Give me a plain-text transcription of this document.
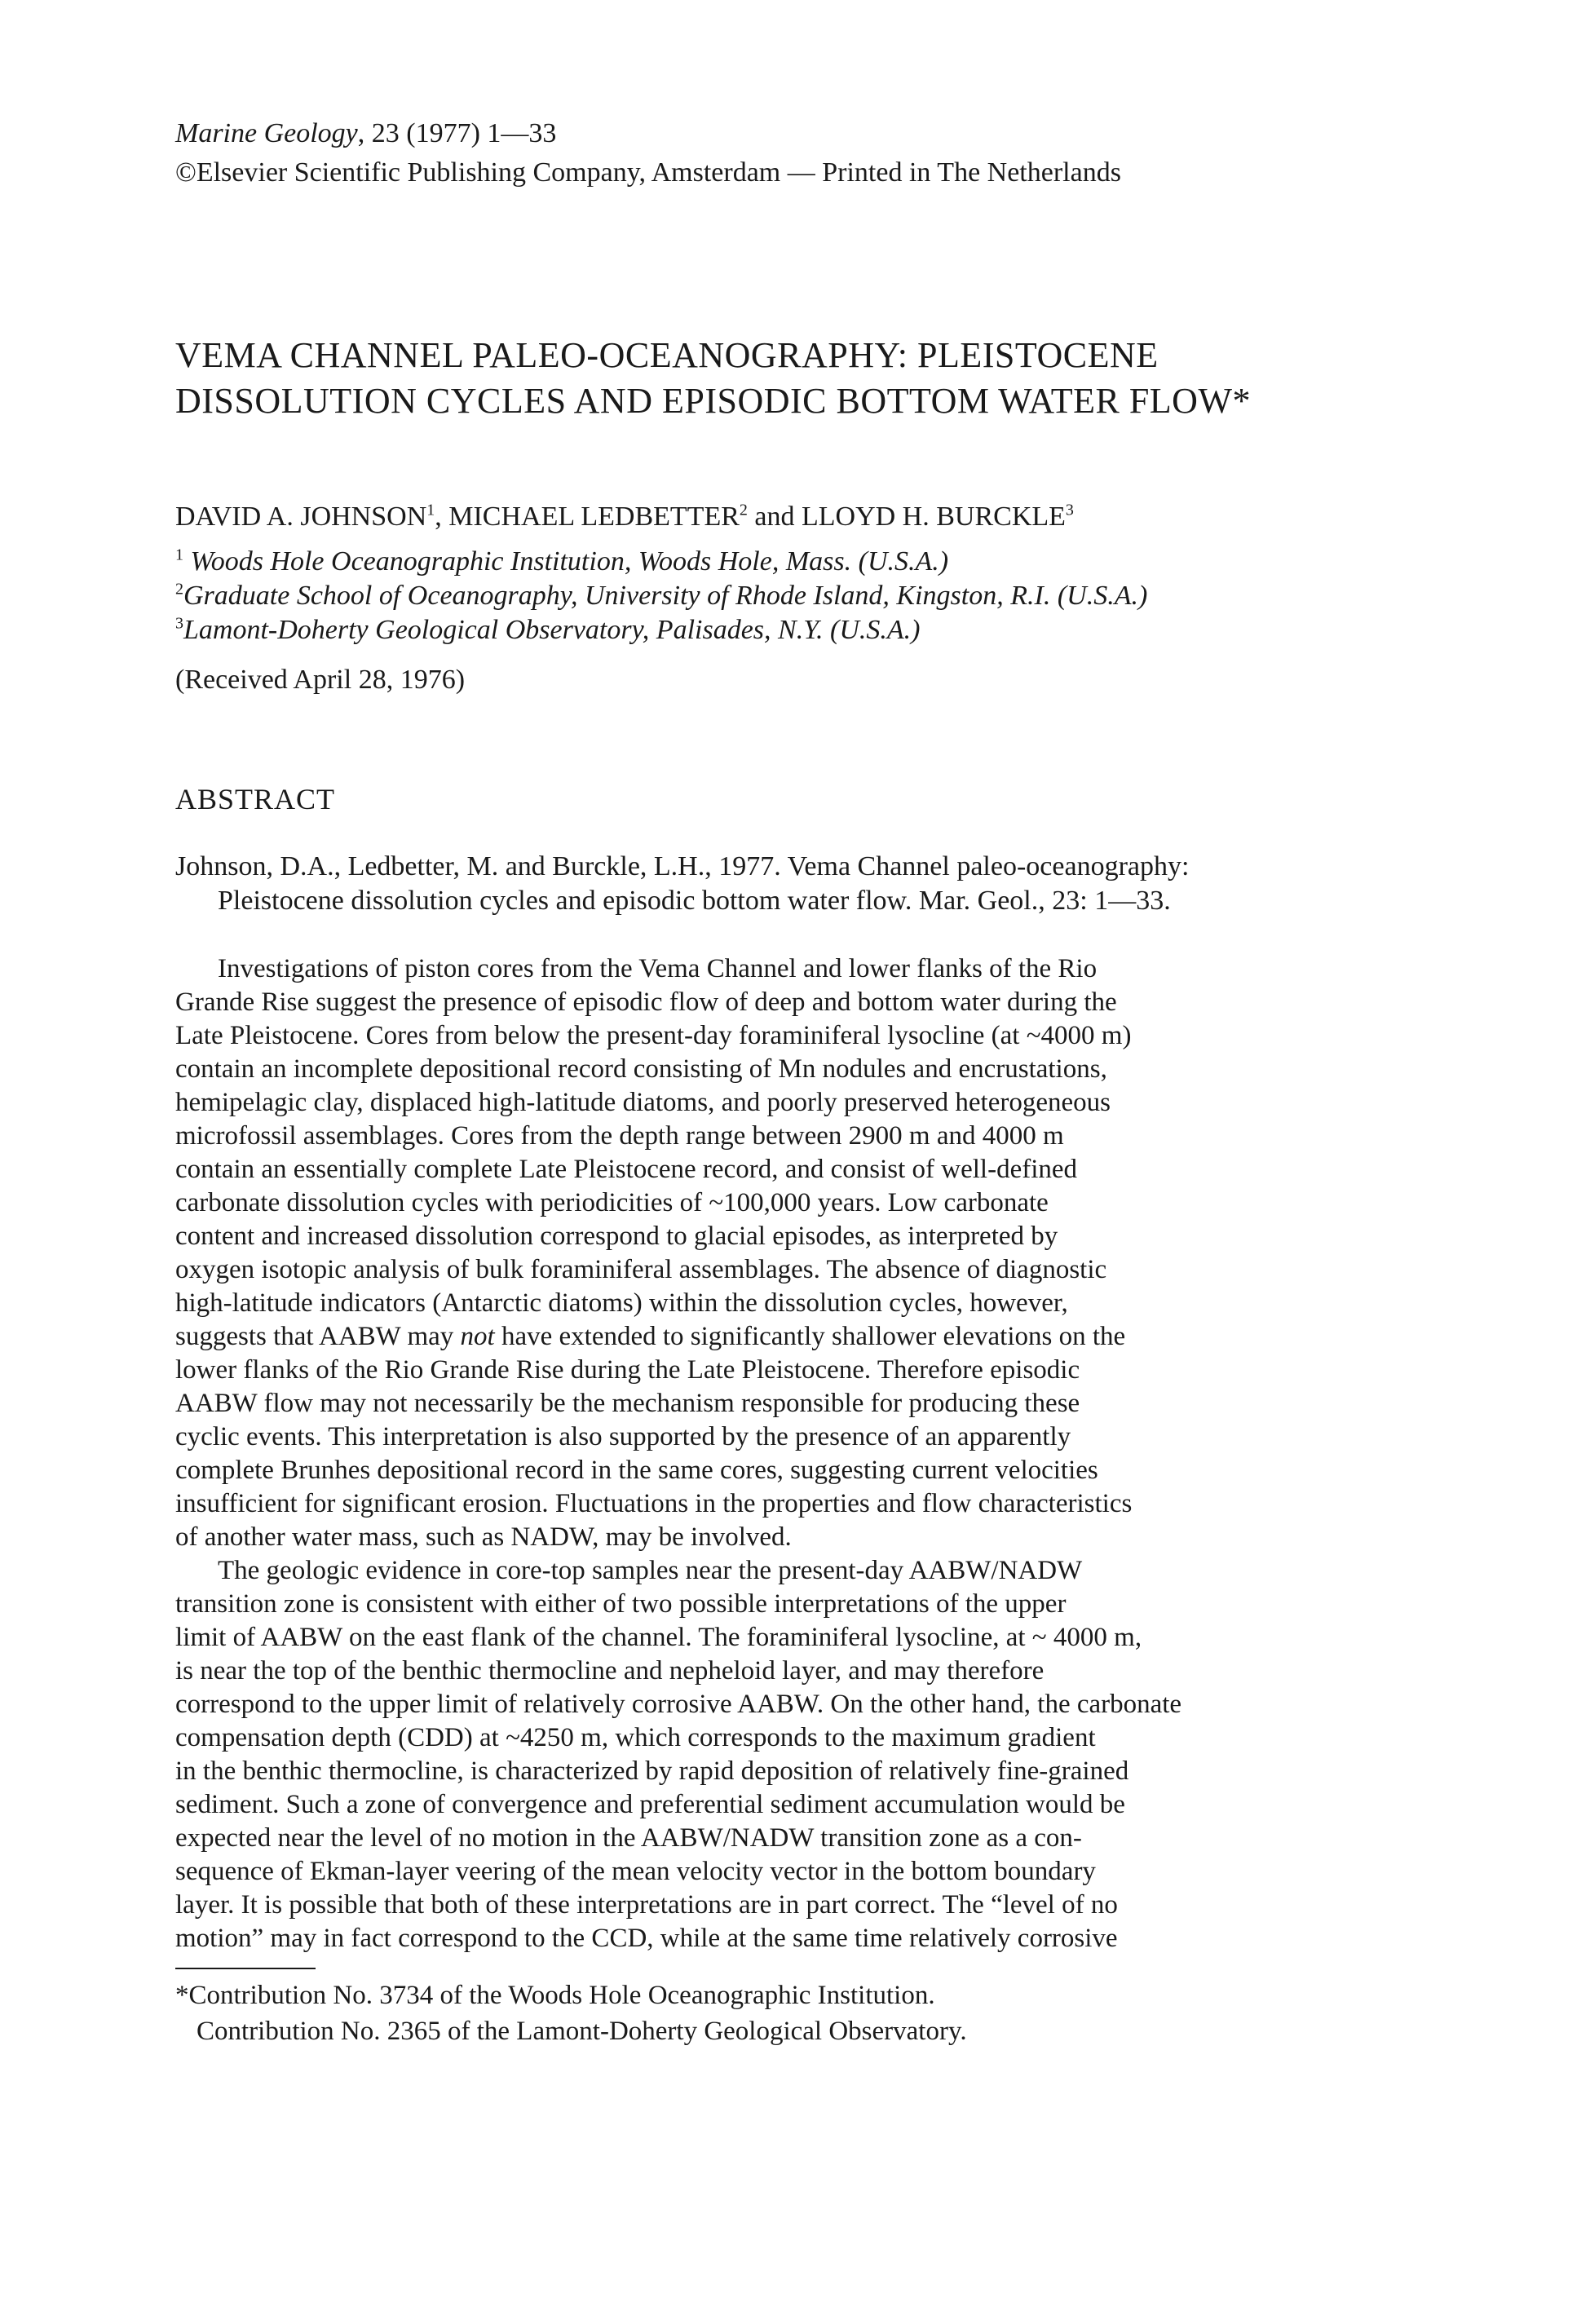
Marine Geology, 23 (1977) 1—33
©Elsevier Scientific Publishing Company, Amsterdam — Printed in The Netherlands
VEMA CHANNEL PALEO-OCEANOGRAPHY: PLEISTOCENE
DISSOLUTION CYCLES AND EPISODIC BOTTOM WATER FLOW*
DAVID A. JOHNSON$^1$, MICHAEL LEDBETTER$^2$ and LLOYD H. BURCKLE$^3$
$^1$ Woods Hole Oceanographic Institution, Woods Hole, Mass. (U.S.A.)
$^2$Graduate School of Oceanography, University of Rhode Island, Kingston, R.I. (U.S.A.)
$^3$Lamont-Doherty Geological Observatory, Palisades, N.Y. (U.S.A.)
(Received April 28, 1976)
ABSTRACT
Johnson, D.A., Ledbetter, M. and Burckle, L.H., 1977. Vema Channel paleo-oceanography:
Pleistocene dissolution cycles and episodic bottom water flow. Mar. Geol., 23: 1—33.
Investigations of piston cores from the Vema Channel and lower flanks of the Rio
Grande Rise suggest the presence of episodic flow of deep and bottom water during the
Late Pleistocene. Cores from below the present-day foraminiferal lysocline (at ~4000 m)
contain an incomplete depositional record consisting of Mn nodules and encrustations,
hemipelagic clay, displaced high-latitude diatoms, and poorly preserved heterogeneous
microfossil assemblages. Cores from the depth range between 2900 m and 4000 m
contain an essentially complete Late Pleistocene record, and consist of well-defined
carbonate dissolution cycles with periodicities of ~100,000 years. Low carbonate
content and increased dissolution correspond to glacial episodes, as interpreted by
oxygen isotopic analysis of bulk foraminiferal assemblages. The absence of diagnostic
high-latitude indicators (Antarctic diatoms) within the dissolution cycles, however,
suggests that AABW may not have extended to significantly shallower elevations on the
lower flanks of the Rio Grande Rise during the Late Pleistocene. Therefore episodic
AABW flow may not necessarily be the mechanism responsible for producing these
cyclic events. This interpretation is also supported by the presence of an apparently
complete Brunhes depositional record in the same cores, suggesting current velocities
insufficient for significant erosion. Fluctuations in the properties and flow characteristics
of another water mass, such as NADW, may be involved.
The geologic evidence in core-top samples near the present-day AABW/NADW
transition zone is consistent with either of two possible interpretations of the upper
limit of AABW on the east flank of the channel. The foraminiferal lysocline, at ~ 4000 m,
is near the top of the benthic thermocline and nepheloid layer, and may therefore
correspond to the upper limit of relatively corrosive AABW. On the other hand, the carbonate
compensation depth (CDD) at ~4250 m, which corresponds to the maximum gradient
in the benthic thermocline, is characterized by rapid deposition of relatively fine-grained
sediment. Such a zone of convergence and preferential sediment accumulation would be
expected near the level of no motion in the AABW/NADW transition zone as a con-
sequence of Ekman-layer veering of the mean velocity vector in the bottom boundary
layer. It is possible that both of these interpretations are in part correct. The “level of no
motion” may in fact correspond to the CCD, while at the same time relatively corrosive
*Contribution No. 3734 of the Woods Hole Oceanographic Institution.
Contribution No. 2365 of the Lamont-Doherty Geological Observatory.
